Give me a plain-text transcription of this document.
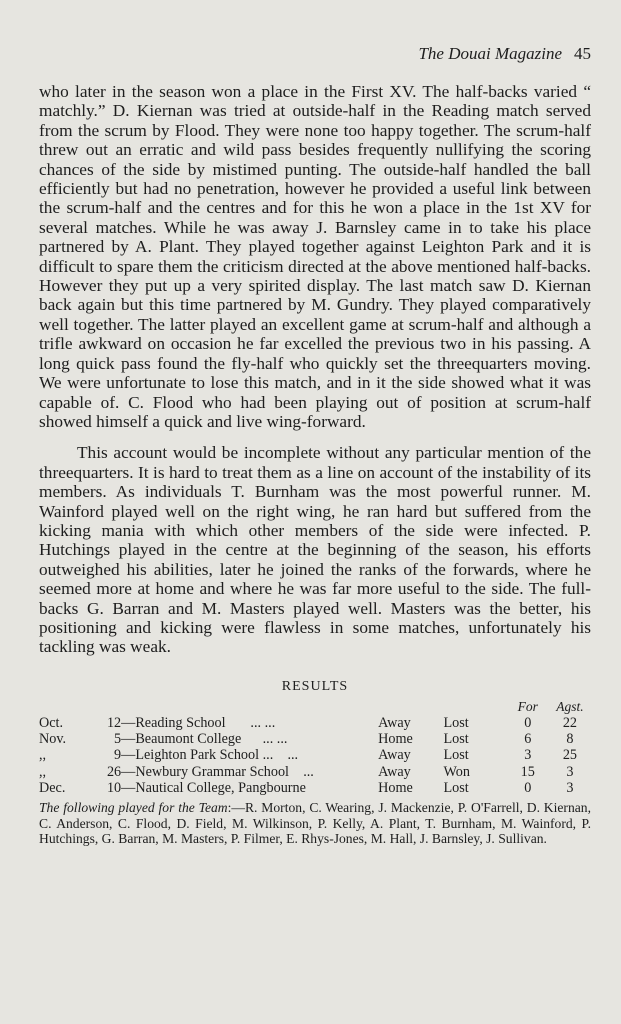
The Douai Magazine 45

who later in the season won a place in the First XV. The half-backs varied “ matchly.” D. Kiernan was tried at outside-half in the Reading match served from the scrum by Flood. They were none too happy together. The scrum-half threw out an erratic and wild pass besides frequently nullifying the scoring chances of the side by mistimed punting. The outside-half handled the ball efficiently but had no penetration, however he provided a useful link between the scrum-half and the centres and for this he won a place in the 1st XV for several matches. While he was away J. Barnsley came in to take his place partnered by A. Plant. They played together against Leighton Park and it is difficult to spare them the criticism directed at the above mentioned half-backs. However they put up a very spirited display. The last match saw D. Kiernan back again but this time partnered by M. Gundry. They played comparatively well together. The latter played an excellent game at scrum-half and although a trifle awkward on occasion he far excelled the previous two in his passing. A long quick pass found the fly-half who quickly set the threequarters moving. We were unfortunate to lose this match, and in it the side showed what it was capable of. C. Flood who had been playing out of position at scrum-half showed himself a quick and live wing-forward.

This account would be incomplete without any particular mention of the threequarters. It is hard to treat them as a line on account of the instability of its members. As individuals T. Burnham was the most powerful runner. M. Wainford played well on the right wing, he ran hard but suffered from the kicking mania with which other members of the side were infected. P. Hutchings played in the centre at the beginning of the season, his efforts outweighed his abilities, later he joined the ranks of the forwards, where he seemed more at home and where he was far more useful to the side. The full-backs G. Barran and M. Masters played well. Masters was the better, his positioning and kicking were flawless in some matches, unfortunately his tackling was weak.

RESULTS
					For	Agst.
Oct.	12	—Reading School ... ...	Away	Lost	0	22
Nov.	5	—Beaumont College ... ...	Home	Lost	6	8
,,	9	—Leighton Park School ... ...	Away	Lost	3	25
,,	26	—Newbury Grammar School ...	Away	Won	15	3
Dec.	10	—Nautical College, Pangbourne	Home	Lost	0	3

The following played for the Team:—R. Morton, C. Wearing, J. Mackenzie, P. O'Farrell, D. Kiernan, C. Anderson, C. Flood, D. Field, M. Wilkinson, P. Kelly, A. Plant, T. Burnham, M. Wainford, P. Hutchings, G. Barran, M. Masters, P. Filmer, E. Rhys-Jones, M. Hall, J. Barnsley, J. Sullivan.
